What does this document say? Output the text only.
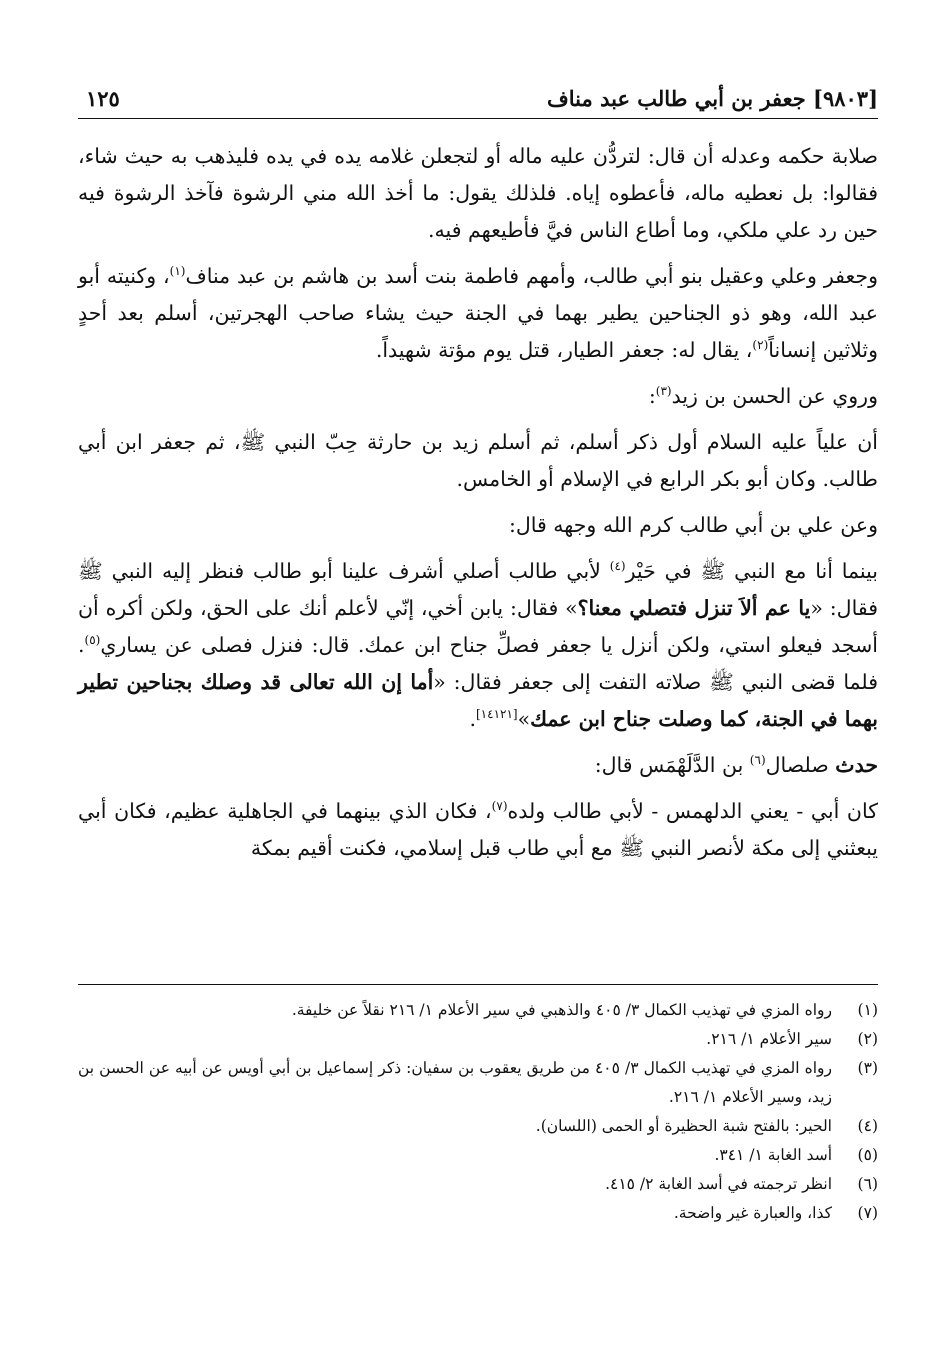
[٩٨٠٣] جعفر بن أبي طالب عبد مناف
١٢٥

صلابة حكمه وعدله أن قال: لتردُّن عليه ماله أو لتجعلن غلامه يده في يده فليذهب به حيث شاء، فقالوا: بل نعطيه ماله، فأعطوه إياه. فلذلك يقول: ما أخذ الله مني الرشوة فآخذ الرشوة فيه حين رد علي ملكي، وما أطاع الناس فيَّ فأطيعهم فيه.

وجعفر وعلي وعقيل بنو أبي طالب، وأمهم فاطمة بنت أسد بن هاشم بن عبد مناف$^{(١)}$، وكنيته أبو عبد الله، وهو ذو الجناحين يطير بهما في الجنة حيث يشاء صاحب الهجرتين، أسلم بعد أحدٍ وثلاثين إنساناً$^{(٢)}$، يقال له: جعفر الطيار، قتل يوم مؤتة شهيداً.

وروي عن الحسن بن زيد$^{(٣)}$:

أن علياً عليه السلام أول ذكر أسلم، ثم أسلم زيد بن حارثة حِبّ النبي ﷺ، ثم جعفر ابن أبي طالب. وكان أبو بكر الرابع في الإسلام أو الخامس.

وعن علي بن أبي طالب كرم الله وجهه قال:

بينما أنا مع النبي ﷺ في حَيْر$^{(٤)}$ لأبي طالب أصلي أشرف علينا أبو طالب فنظر إليه النبي ﷺ فقال: «يا عم ألاَ تنزل فتصلي معنا؟» فقال: يابن أخي، إنّي لأعلم أنك على الحق، ولكن أكره أن أسجد فيعلو استي، ولكن أنزل يا جعفر فصلِّ جناح ابن عمك. قال: فنزل فصلى عن يساري$^{(٥)}$. فلما قضى النبي ﷺ صلاته التفت إلى جعفر فقال: «أما إن الله تعالى قد وصلك بجناحين تطير بهما في الجنة، كما وصلت جناح ابن عمك»[١٤١٢١].

حدث صلصال$^{(٦)}$ بن الدَّلَهْمَس قال:

كان أبي - يعني الدلهمس - لأبي طالب ولده$^{(٧)}$، فكان الذي بينهما في الجاهلية عظيم، فكان أبي يبعثني إلى مكة لأنصر النبي ﷺ مع أبي طاب قبل إسلامي، فكنت أقيم بمكة

(١)
رواه المزي في تهذيب الكمال ٣/ ٤٠٥ والذهبي في سير الأعلام ١/ ٢١٦ نقلاً عن خليفة.
(٢)
سير الأعلام ١/ ٢١٦.
(٣)
رواه المزي في تهذيب الكمال ٣/ ٤٠٥ من طريق يعقوب بن سفيان: ذكر إسماعيل بن أبي أويس عن أبيه عن الحسن بن زيد، وسير الأعلام ١/ ٢١٦.
(٤)
الحير: بالفتح شبة الحظيرة أو الحمى (اللسان).
(٥)
أسد الغابة ١/ ٣٤١.
(٦)
انظر ترجمته في أسد الغابة ٢/ ٤١٥.
(٧)
كذا، والعبارة غير واضحة.
